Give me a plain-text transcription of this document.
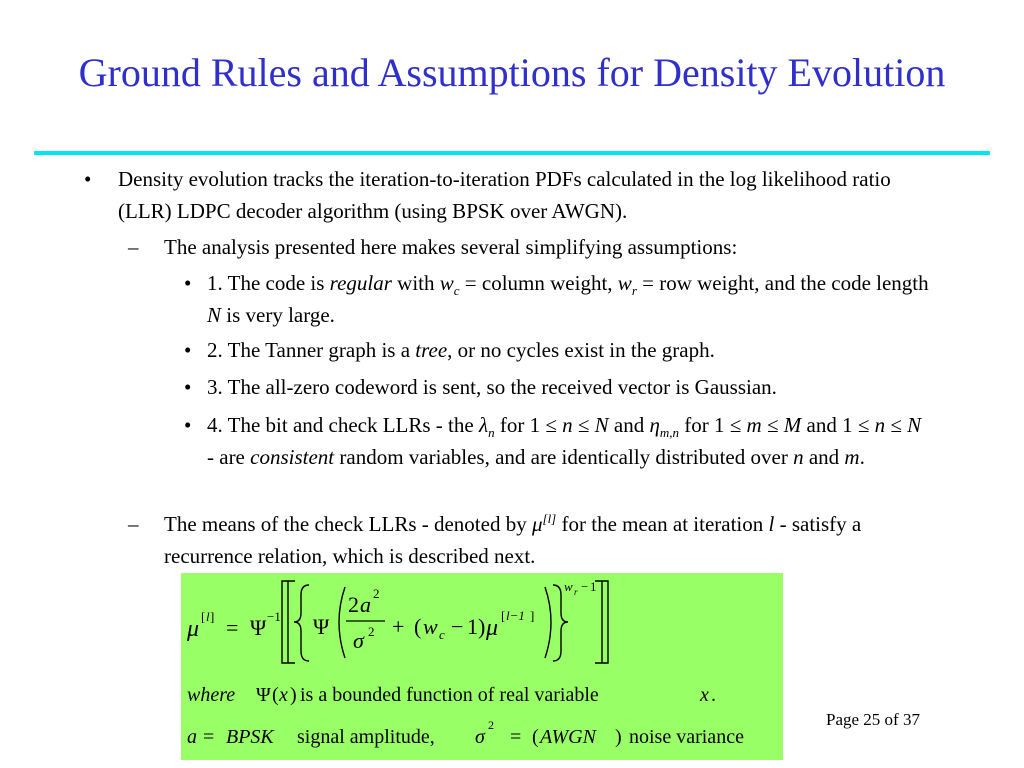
Ground Rules and Assumptions for Density Evolution
• Density evolution tracks the iteration-to-iteration PDFs calculated in the log likelihood ratio (LLR) LDPC decoder algorithm (using BPSK over AWGN).
– The analysis presented here makes several simplifying assumptions:
• 1. The code is regular with $w_c$ = column weight, $w_r$ = row weight, and the code length N is very large.
• 2. The Tanner graph is a tree, or no cycles exist in the graph.
• 3. The all-zero codeword is sent, so the received vector is Gaussian.
• 4. The bit and check LLRs - the $\lambda_n$ for 1 ≤ n ≤ N and $\eta_{m,n}$ for 1 ≤ m ≤ M and 1 ≤ n ≤ N - are consistent random variables, and are identically distributed over n and m.
– The means of the check LLRs - denoted by μ[l] for the mean at iteration l - satisfy a recurrence relation, which is described next.
μ [ l ] = Ψ −1 Ψ
2 a 2
σ 2 + ( w c − 1 ) μ [ l−1 ]
w r − 1
where Ψ ( x ) is a bounded function of real variable	x .
a = BPSK signal amplitude, σ
2
= ( AWGN ) noise variance
Page 25 of 37
